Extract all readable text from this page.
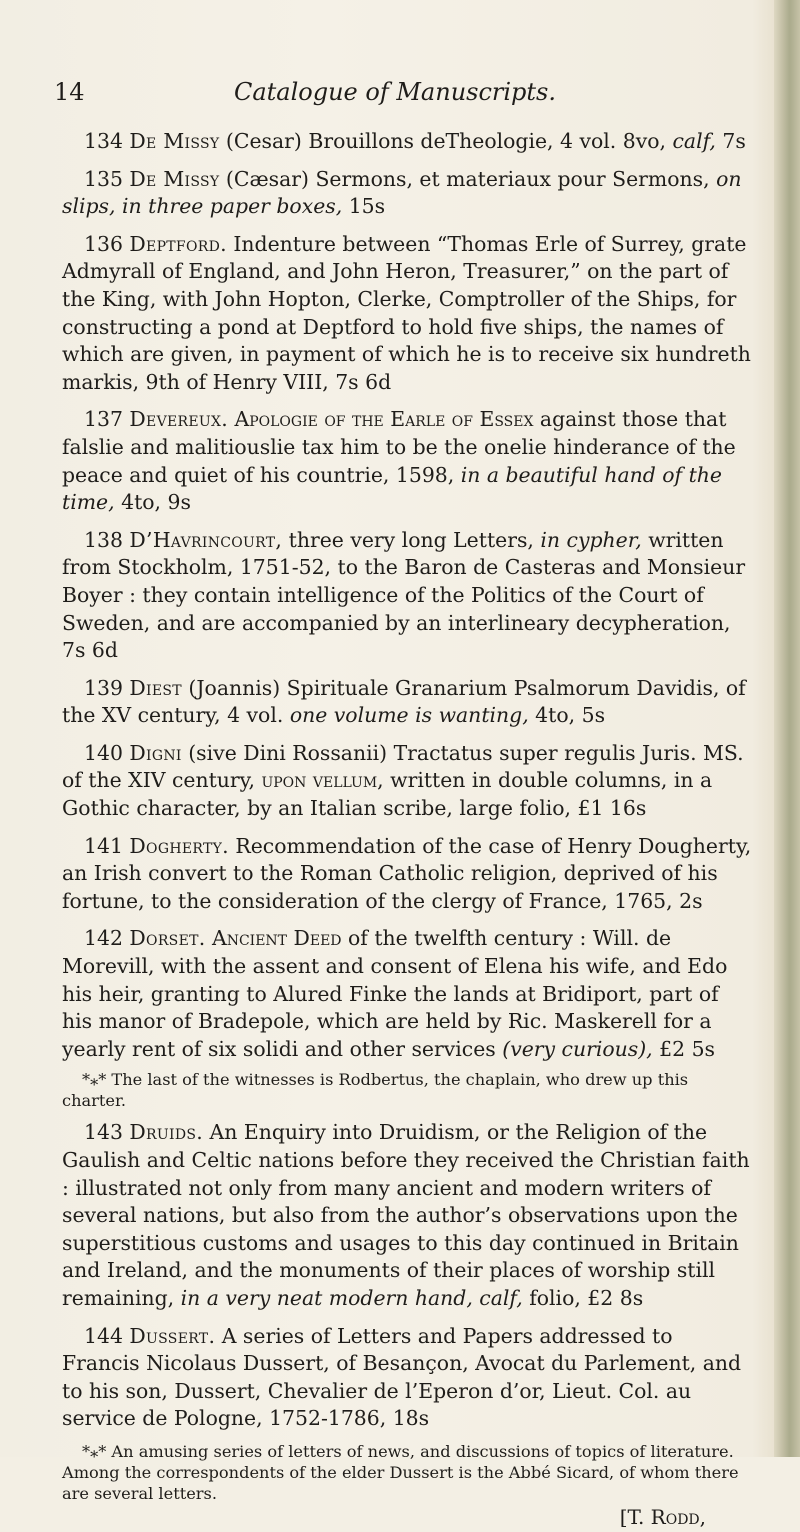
14	Catalogue of Manuscripts.

134 De Missy (Cesar) Brouillons deTheologie, 4 vol. 8vo, calf, 7s

135 De Missy (Cæsar) Sermons, et materiaux pour Sermons, on slips, in three paper boxes, 15s

136 Deptford. Indenture between “Thomas Erle of Surrey, grate Admyrall of England, and John Heron, Treasurer,” on the part of the King, with John Hopton, Clerke, Comptroller of the Ships, for constructing a pond at Deptford to hold five ships, the names of which are given, in payment of which he is to receive six hundreth markis, 9th of Henry VIII, 7s 6d

137 Devereux. Apologie of the Earle of Essex against those that falslie and malitiouslie tax him to be the onelie hinderance of the peace and quiet of his countrie, 1598, in a beautiful hand of the time, 4to, 9s

138 D’Havrincourt, three very long Letters, in cypher, written from Stockholm, 1751-52, to the Baron de Casteras and Monsieur Boyer : they contain intelligence of the Politics of the Court of Sweden, and are accompanied by an interlineary decypheration, 7s 6d

139 Diest (Joannis) Spirituale Granarium Psalmorum Davidis, of the XV century, 4 vol. one volume is wanting, 4to, 5s

140 Digni (sive Dini Rossanii) Tractatus super regulis Juris. MS. of the XIV century, upon vellum, written in double columns, in a Gothic character, by an Italian scribe, large folio, £1 16s

141 Dogherty. Recommendation of the case of Henry Dougherty, an Irish convert to the Roman Catholic religion, deprived of his fortune, to the consideration of the clergy of France, 1765, 2s

142 Dorset. Ancient Deed of the twelfth century : Will. de Morevill, with the assent and consent of Elena his wife, and Edo his heir, granting to Alured Finke the lands at Bridiport, part of his manor of Bradepole, which are held by Ric. Maskerell for a yearly rent of six solidi and other services (very curious), £2 5s

*⁎* The last of the witnesses is Rodbertus, the chaplain, who drew up this charter.

143 Druids. An Enquiry into Druidism, or the Religion of the Gaulish and Celtic nations before they received the Christian faith : illustrated not only from many ancient and modern writers of several nations, but also from the author’s observations upon the superstitious customs and usages to this day continued in Britain and Ireland, and the monuments of their places of worship still remaining, in a very neat modern hand, calf, folio, £2 8s

144 Dussert. A series of Letters and Papers addressed to Francis Nicolaus Dussert, of Besançon, Avocat du Parlement, and to his son, Dussert, Chevalier de l’Eperon d’or, Lieut. Col. au service de Pologne, 1752-1786, 18s

*⁎* An amusing series of letters of news, and discussions of topics of literature. Among the correspondents of the elder Dussert is the Abbé Sicard, of whom there are several letters.

[T. Rodd,
